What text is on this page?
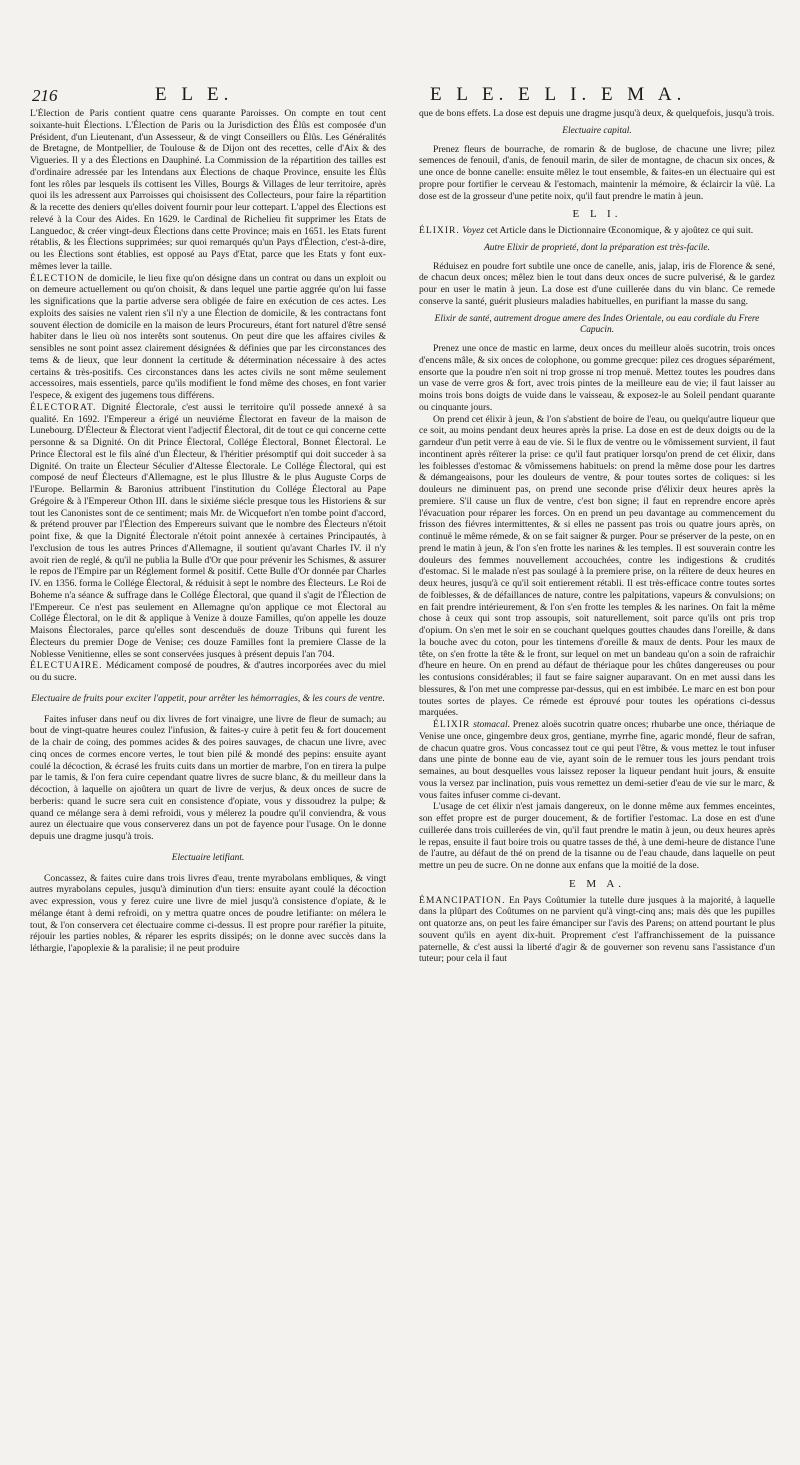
216	E L E.	E L E. E L I. E M A.

L'Élection de Paris contient quatre cens quarante Paroisses. On compte en tout cent soixante-huit Élections. L'Élection de Paris ou la Jurisdiction des Élûs est composée d'un Président, d'un Lieutenant, d'un Assesseur, & de vingt Conseillers ou Élûs. Les Généralités de Bretagne, de Montpellier, de Toulouse & de Dijon ont des recettes, celle d'Aix & des Vigueries. Il y a des Élections en Dauphiné. La Commission de la répartition des tailles est d'ordinaire adressée par les Intendans aux Élections de chaque Province, ensuite les Élûs font les rôles par lesquels ils cottisent les Villes, Bourgs & Villages de leur territoire, après quoi ils les adressent aux Parroisses qui choisissent des Collecteurs, pour faire la répartition & la recette des deniers qu'elles doivent fournir pour leur cottepart. L'appel des Élections est relevé à la Cour des Aides. En 1629. le Cardinal de Richelieu fit supprimer les Etats de Languedoc, & créer vingt-deux Élections dans cette Province; mais en 1651. les Etats furent rétablis, & les Élections supprimées; sur quoi remarqués qu'un Pays d'Élection, c'est-à-dire, ou les Élections sont établies, est opposé au Pays d'Etat, parce que les Etats y font eux-mêmes lever la taille.

ÉLECTION de domicile, le lieu fixe qu'on désigne dans un contrat ou dans un exploit ou on demeure actuellement ou qu'on choisit, & dans lequel une partie aggrée qu'on lui fasse les significations que la partie adverse sera obligée de faire en exécution de ces actes. Les exploits des saisies ne valent rien s'il n'y a une Élection de domicile, & les contractans font souvent élection de domicile en la maison de leurs Procureurs, étant fort naturel d'être sensé habiter dans le lieu où nos interêts sont soutenus. On peut dire que les affaires civiles & sensibles ne sont point assez clairement désignées & définies que par les circonstances des tems & de lieux, que leur donnent la certitude & détermination nécessaire à des actes certains & très-positifs. Ces circonstances dans les actes civils ne sont même seulement accessoires, mais essentiels, parce qu'ils modifient le fond même des choses, en font varier l'espece, & exigent des jugemens tous différens.

ÉLECTORAT. Dignité Électorale, c'est aussi le territoire qu'il possede annexé à sa qualité. En 1692. l'Empereur a érigé un neuviéme Électorat en faveur de la maison de Lunebourg. D'Électeur & Électorat vient l'adjectif Électoral, dit de tout ce qui concerne cette personne & sa Dignité. On dit Prince Électoral, Collége Électoral, Bonnet Électoral. Le Prince Électoral est le fils aîné d'un Électeur, & l'héritier présomptif qui doit succeder à sa Dignité. On traite un Électeur Séculier d'Altesse Électorale. Le Collége Électoral, qui est composé de neuf Électeurs d'Allemagne, est le plus Illustre & le plus Auguste Corps de l'Europe. Bellarmin & Baronius attribuent l'institution du Collége Électoral au Pape Grégoire & à l'Empereur Othon III. dans le sixiéme siécle presque tous les Historiens & sur tout les Canonistes sont de ce sentiment; mais Mr. de Wicquefort n'en tombe point d'accord, & prétend prouver par l'Élection des Empereurs suivant que le nombre des Électeurs n'étoit point fixe, & que la Dignité Électorale n'étoit point annexée à certaines Principautés, à l'exclusion de tous les autres Princes d'Allemagne, il soutient qu'avant Charles IV. il n'y avoit rien de reglé, & qu'il ne publia la Bulle d'Or que pour prévenir les Schismes, & assurer le repos de l'Empire par un Réglement formel & positif. Cette Bulle d'Or donnée par Charles IV. en 1356. forma le Collége Électoral, & réduisit à sept le nombre des Électeurs. Le Roi de Boheme n'a séance & suffrage dans le Collége Électoral, que quand il s'agit de l'Élection de l'Empereur. Ce n'est pas seulement en Allemagne qu'on applique ce mot Électoral au Collége Électoral, on le dit & applique à Venize à douze Familles, qu'on appelle les douze Maisons Électorales, parce qu'elles sont descenduës de douze Tribuns qui furent les Électeurs du premier Doge de Venise; ces douze Familles font la premiere Classe de la Noblesse Venitienne, elles se sont conservées jusques à présent depuis l'an 704.

ÉLECTUAIRE. Médicament composé de poudres, & d'autres incorporées avec du miel ou du sucre.

Electuaire de fruits pour exciter l'appetit, pour arrêter les hémorragies, & les cours de ventre.

Faites infuser dans neuf ou dix livres de fort vinaigre, une livre de fleur de sumach; au bout de vingt-quatre heures coulez l'infusion, & faites-y cuire à petit feu & fort doucement de la chair de coing, des pommes acides & des poires sauvages, de chacun une livre, avec cinq onces de cormes encore vertes, le tout bien pilé & mondé des pepins: ensuite ayant coulé la décoction, & écrasé les fruits cuits dans un mortier de marbre, l'on en tirera la pulpe par le tamis, & l'on fera cuire cependant quatre livres de sucre blanc, & du meilleur dans la décoction, à laquelle on ajoûtera un quart de livre de verjus, & deux onces de sucre de berberis: quand le sucre sera cuit en consistence d'opiate, vous y dissoudrez la pulpe; & quand ce mélange sera à demi refroidi, vous y mélerez la poudre qu'il conviendra, & vous aurez un électuaire que vous conserverez dans un pot de fayence pour l'usage. On le donne depuis une dragme jusqu'à trois.

Electuaire letifiant.

Concassez, & faites cuire dans trois livres d'eau, trente myrabolans embliques, & vingt autres myrabolans cepules, jusqu'à diminution d'un tiers: ensuite ayant coulé la décoction avec expression, vous y ferez cuire une livre de miel jusqu'à consistence d'opiate, & le mélange étant à demi refroidi, on y mettra quatre onces de poudre letifiante: on mélera le tout, & l'on conservera cet électuaire comme ci-dessus. Il est propre pour raréfier la pituite, réjouir les parties nobles, & réparer les esprits dissipés; on le donne avec succès dans la léthargie, l'apoplexie & la paralisie; il ne peut produire

que de bons effets. La dose est depuis une dragme jusqu'à deux, & quelquefois, jusqu'à trois.

Electuaire capital.

Prenez fleurs de bourrache, de romarin & de buglose, de chacune une livre; pilez semences de fenouil, d'anis, de fenouil marin, de siler de montagne, de chacun six onces, & une once de bonne canelle: ensuite mêlez le tout ensemble, & faites-en un électuaire qui est propre pour fortifier le cerveau & l'estomach, maintenir la mémoire, & éclaircir la vûë. La dose est de la grosseur d'une petite noix, qu'il faut prendre le matin à jeun.

E L I.

ÉLIXIR. Voyez cet Article dans le Dictionnaire Œconomique, & y ajoûtez ce qui suit.

Autre Elixir de proprieté, dont la préparation est très-facile.

Réduisez en poudre fort subtile une once de canelle, anis, jalap, iris de Florence & sené, de chacun deux onces; mêlez bien le tout dans deux onces de sucre pulverisé, & le gardez pour en user le matin à jeun. La dose est d'une cuillerée dans du vin blanc. Ce remede conserve la santé, guérit plusieurs maladies habituelles, en purifiant la masse du sang.

Elixir de santé, autrement drogue amere des Indes Orientale, ou eau cordiale du Frere Capucin.

Prenez une once de mastic en larme, deux onces du meilleur aloës sucotrin, trois onces d'encens mâle, & six onces de colophone, ou gomme grecque: pilez ces drogues séparément, ensorte que la poudre n'en soit ni trop grosse ni trop menuë. Mettez toutes les poudres dans un vase de verre gros & fort, avec trois pintes de la meilleure eau de vie; il faut laisser au moins trois bons doigts de vuide dans le vaisseau, & exposez-le au Soleil pendant quarante ou cinquante jours.

On prend cet élixir à jeun, & l'on s'abstient de boire de l'eau, ou quelqu'autre liqueur que ce soit, au moins pendant deux heures après la prise. La dose en est de deux doigts ou de la garndeur d'un petit verre à eau de vie. Si le flux de ventre ou le vômissement survient, il faut incontinent après réïterer la prise: ce qu'il faut pratiquer lorsqu'on prend de cet élixir, dans les foiblesses d'estomac & vômissemens habituels: on prend la même dose pour les dartres & démangeaisons, pour les douleurs de ventre, & pour toutes sortes de coliques: si les douleurs ne diminuent pas, on prend une seconde prise d'élixir deux heures après la premiere. S'il cause un flux de ventre, c'est bon signe; il faut en reprendre encore après l'évacuation pour réparer les forces. On en prend un peu davantage au commencement du frisson des fiévres intermittentes, & si elles ne passent pas trois ou quatre jours après, on continuë le même rémede, & on se fait saigner & purger. Pour se préserver de la peste, on en prend le matin à jeun, & l'on s'en frotte les narines & les temples. Il est souverain contre les douleurs des femmes nouvellement accouchées, contre les indigestions & crudités d'estomac. Si le malade n'est pas soulagé à la premiere prise, on la réïtere de deux heures en deux heures, jusqu'à ce qu'il soit entierement rétabli. Il est très-efficace contre toutes sortes de foiblesses, & de défaillances de nature, contre les palpitations, vapeurs & convulsions; on en fait prendre intérieurement, & l'on s'en frotte les temples & les narines. On fait la même chose à ceux qui sont trop assoupis, soit naturellement, soit parce qu'ils ont pris trop d'opium. On s'en met le soir en se couchant quelques gouttes chaudes dans l'oreille, & dans la bouche avec du coton, pour les tintemens d'oreille & maux de dents. Pour les maux de tête, on s'en frotte la tête & le front, sur lequel on met un bandeau qu'on a soin de rafraichir d'heure en heure. On en prend au défaut de thériaque pour les chûtes dangereuses ou pour les contusions considérables; il faut se faire saigner auparavant. On en met aussi dans les blessures, & l'on met une compresse par-dessus, qui en est imbibée. Le marc en est bon pour toutes sortes de playes. Ce rémede est éprouvé pour toutes les opérations ci-dessus marquées.

ÉLIXIR stomacal. Prenez aloës sucotrin quatre onces; rhubarbe une once, thériaque de Venise une once, gingembre deux gros, gentiane, myrrhe fine, agaric mondé, fleur de safran, de chacun quatre gros. Vous concassez tout ce qui peut l'être, & vous mettez le tout infuser dans une pinte de bonne eau de vie, ayant soin de le remuer tous les jours pendant trois semaines, au bout desquelles vous laissez reposer la liqueur pendant huit jours, & ensuite vous la versez par inclination, puis vous remettez un demi-setier d'eau de vie sur le marc, & vous faites infuser comme ci-devant.

L'usage de cet élixir n'est jamais dangereux, on le donne même aux femmes enceintes, son effet propre est de purger doucement, & de fortifier l'estomac. La dose en est d'une cuillerée dans trois cuillerées de vin, qu'il faut prendre le matin à jeun, ou deux heures après le repas, ensuite il faut boire trois ou quatre tasses de thé, à une demi-heure de distance l'une de l'autre, au défaut de thé on prend de la tisanne ou de l'eau chaude, dans laquelle on peut mettre un peu de sucre. On ne donne aux enfans que la moitié de la dose.

E M A.

ÉMANCIPATION. En Pays Coûtumier la tutelle dure jusques à la majorité, à laquelle dans la plûpart des Coûtumes on ne parvient qu'à vingt-cinq ans; mais dès que les pupilles ont quatorze ans, on peut les faire émanciper sur l'avis des Parens; on attend pourtant le plus souvent qu'ils en ayent dix-huit. Proprement c'est l'affranchissement de la puissance paternelle, & c'est aussi la liberté d'agir & de gouverner son revenu sans l'assistance d'un tuteur; pour cela il faut
